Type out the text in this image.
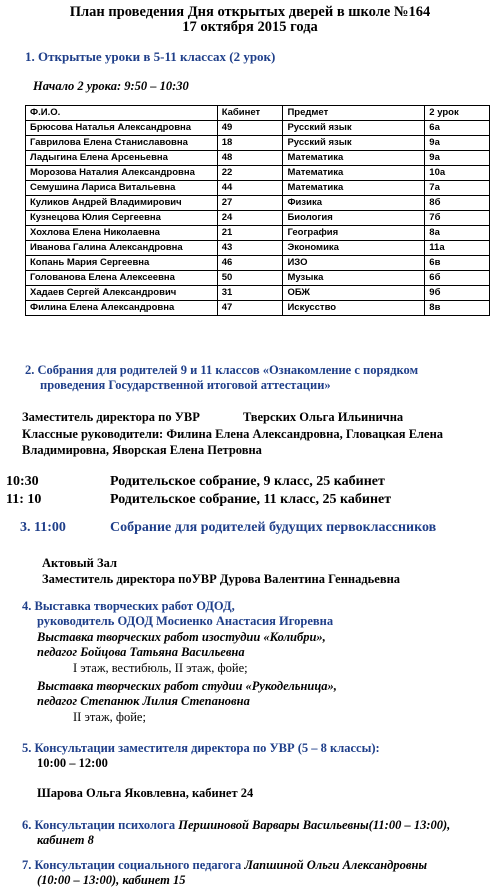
План проведения Дня открытых дверей в школе №164
17 октября 2015 года
1. Открытые уроки в 5-11 классах (2 урок)
Начало 2 урока: 9:50 – 10:30
Ф.И.О.	Кабинет	Предмет	2 урок
Брюсова Наталья Александровна	49	Русский язык	6а
Гаврилова Елена Станиславовна	18	Русский язык	9а
Ладыгина Елена Арсеньевна	48	Математика	9а
Морозова Наталия Александровна	22	Математика	10а
Семушина Лариса Витальевна	44	Математика	7а
Куликов Андрей Владимирович	27	Физика	8б
Кузнецова Юлия Сергеевна	24	Биология	7б
Хохлова Елена Николаевна	21	География	8а
Иванова Галина Александровна	43	Экономика	11а
Копань Мария Сергеевна	46	ИЗО	6в
Голованова Елена Алексеевна	50	Музыка	6б
Хадаев Сергей Александрович	31	ОБЖ	9б
Филина Елена Александровна	47	Искусство	8в
2. Собрания для родителей 9 и 11 классов «Ознакомление с порядком
проведения Государственной итоговой аттестации»
Заместитель директора по УВР	Тверских Ольга Ильинична
Классные руководители: Филина Елена Александровна, Гловацкая Елена
Владимировна, Яворская Елена Петровна
10:30	Родительское собрание, 9 класс, 25 кабинет
11: 10	Родительское собрание, 11 класс, 25 кабинет
3. 11:00	Собрание для родителей будущих первоклассников
Актовый Зал
Заместитель директора поУВР Дурова Валентина Геннадьевна
4. Выставка творческих работ ОДОД,
руководитель ОДОД Мосиенко Анастасия Игоревна
Выставка творческих работ изостудии «Колибри»,
педагог Бойцова Татьяна Васильевна
I этаж, вестибюль, II этаж, фойе;
Выставка творческих работ студии «Рукодельница»,
педагог Степанюк Лилия Степановна
II этаж, фойе;
5. Консультации заместителя директора по УВР (5 – 8 классы):
10:00 – 12:00
Шарова Ольга Яковлевна, кабинет 24
6. Консультации психолога Першиновой Варвары Васильевны(11:00 – 13:00),
кабинет 8
7. Консультации социального педагога Лапшиной Ольги Александровны
(10:00 – 13:00), кабинет 15
